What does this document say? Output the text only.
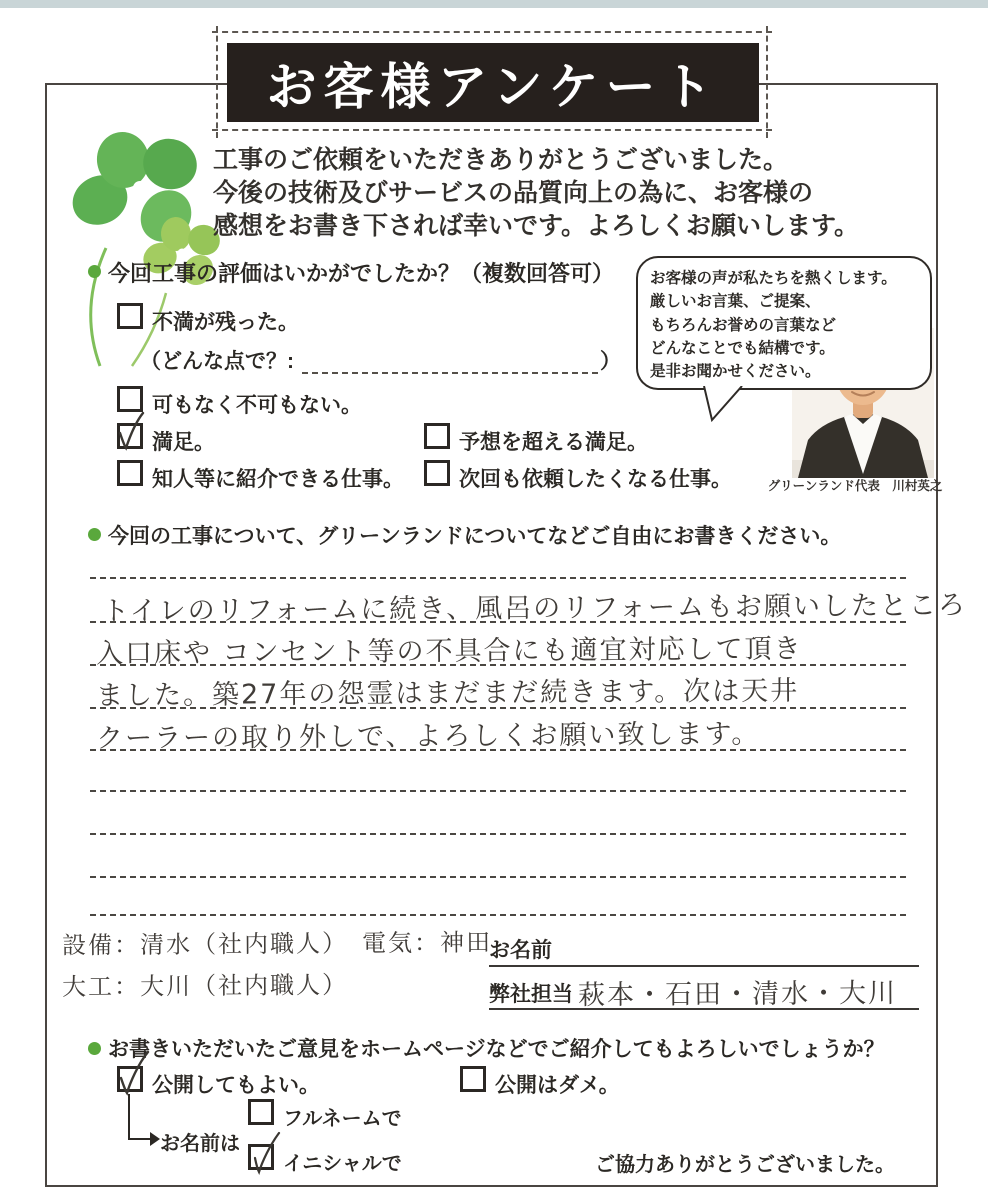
お客様アンケート
工事のご依頼をいただきありがとうございました。
今後の技術及びサービスの品質向上の為に、お客様の
感想をお書き下されば幸いです。よろしくお願いします。
今回工事の評価はいかがでしたか？（複数回答可）
不満が残った。
（どんな点で？:	）
可もなく不可もない。
満足。	予想を超える満足。
知人等に紹介できる仕事。	次回も依頼したくなる仕事。
お客様の声が私たちを熱くします。
厳しいお言葉、ご提案、
もちろんお誉めの言葉など
どんなことでも結構です。
是非お聞かせください。
グリーンランド代表　川村英之
今回の工事について、グリーンランドについてなどご自由にお書きください。
トイレのリフォームに続き、風呂のリフォームもお願いしたところ
入口床や コンセント等の不具合にも適宜対応して頂き
ました。築27年の怨霊はまだまだ続きます。次は天井
クーラーの取り外しで、よろしくお願い致します。
設備：清水（社内職人）　電気：神田
大工：大川（社内職人）
お名前
弊社担当 萩本・石田・清水・大川
お書きいただいたご意見をホームページなどでご紹介してもよろしいでしょうか？
公開してもよい。	公開はダメ。
お名前は
フルネームで
イニシャルで	ご協力ありがとうございました。
